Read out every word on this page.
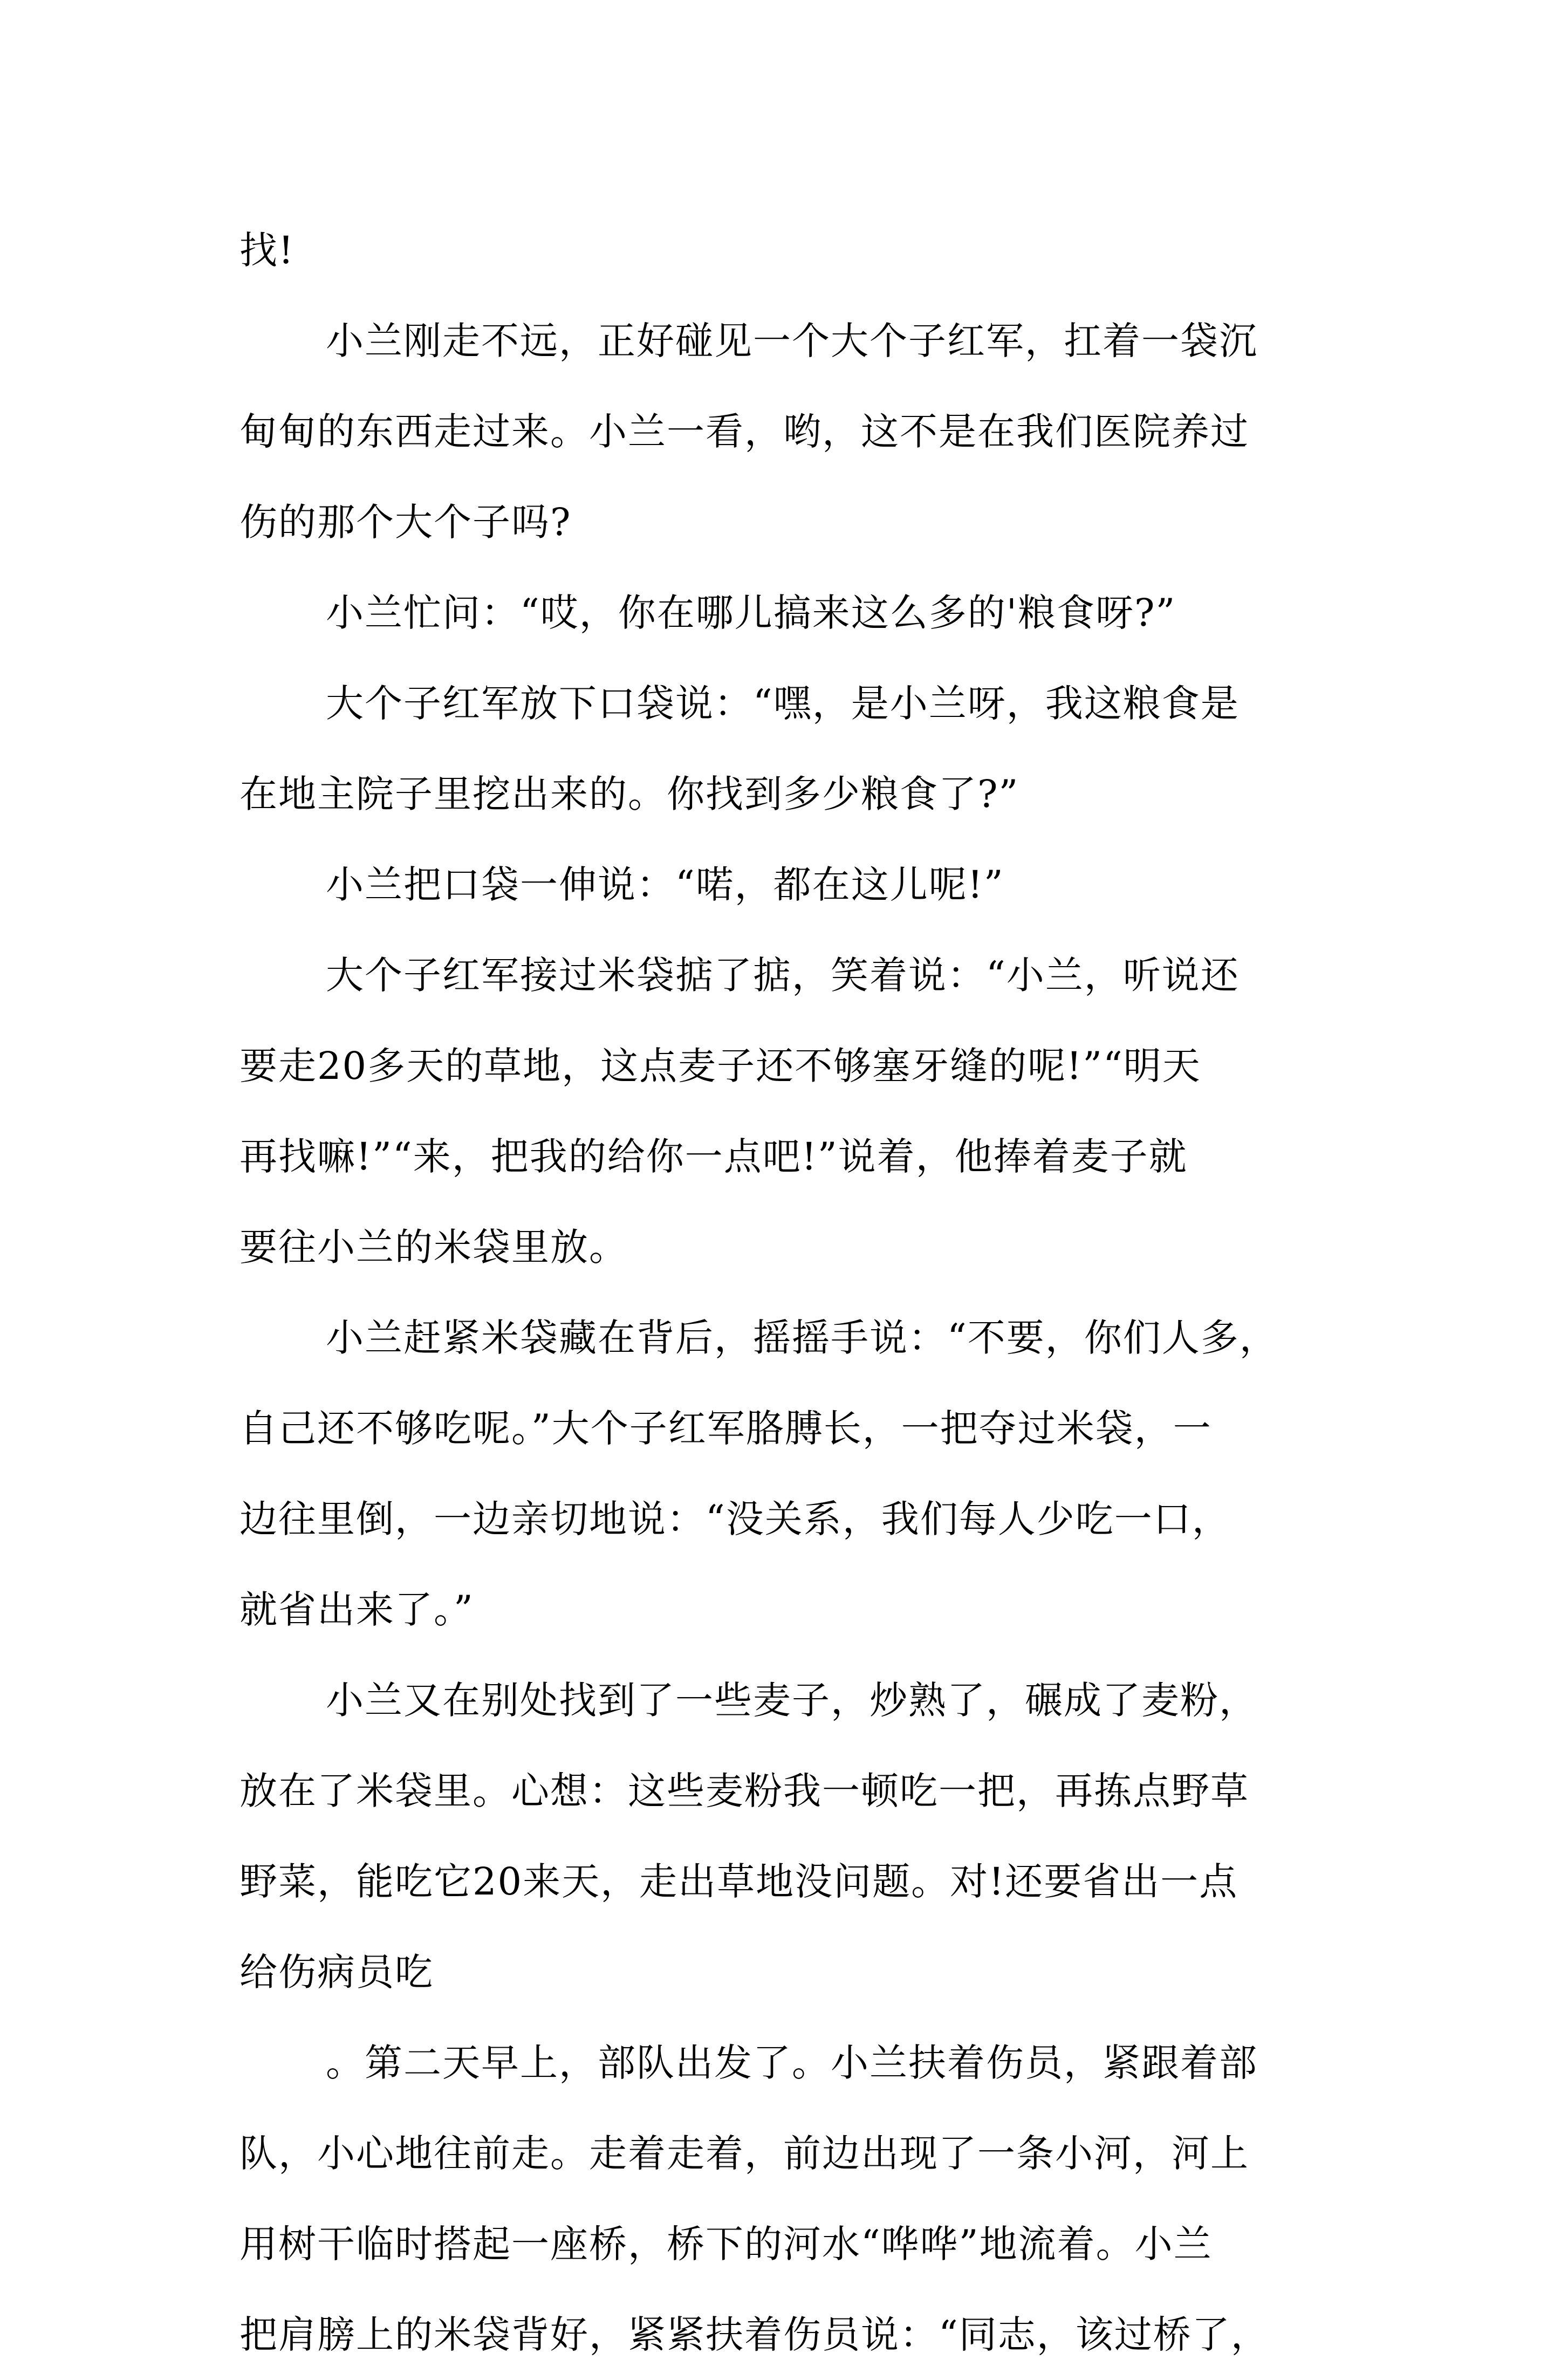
找!
小兰刚走不远，正好碰见一个大个子红军，扛着一袋沉
甸甸的东西走过来。小兰一看，哟，这不是在我们医院养过
伤的那个大个子吗?
小兰忙问：“哎，你在哪儿搞来这么多的'粮食呀?”
大个子红军放下口袋说：“嘿，是小兰呀，我这粮食是
在地主院子里挖出来的。你找到多少粮食了?”
小兰把口袋一伸说：“喏，都在这儿呢!”
大个子红军接过米袋掂了掂，笑着说：“小兰，听说还
要走20多天的草地，这点麦子还不够塞牙缝的呢!”“明天
再找嘛!”“来，把我的给你一点吧!”说着，他捧着麦子就
要往小兰的米袋里放。
小兰赶紧米袋藏在背后，摇摇手说：“不要，你们人多，
自己还不够吃呢。”大个子红军胳膊长，一把夺过米袋，一
边往里倒，一边亲切地说：“没关系，我们每人少吃一口，
就省出来了。”
小兰又在别处找到了一些麦子，炒熟了，碾成了麦粉，
放在了米袋里。心想：这些麦粉我一顿吃一把，再拣点野草
野菜，能吃它20来天，走出草地没问题。对!还要省出一点
给伤病员吃
。第二天早上，部队出发了。小兰扶着伤员，紧跟着部
队，小心地往前走。走着走着，前边出现了一条小河，河上
用树干临时搭起一座桥，桥下的河水“哗哗”地流着。小兰
把肩膀上的米袋背好，紧紧扶着伤员说：“同志，该过桥了，
